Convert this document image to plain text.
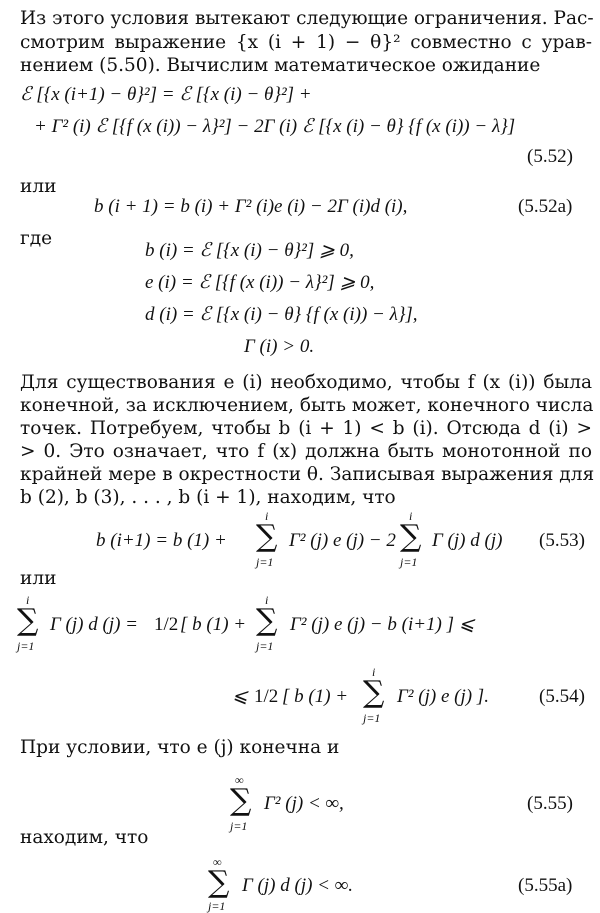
Из этого условия вытекают следующие ограничения. Рас-
смотрим выражение {x (i + 1) − θ}² совместно с урав-
нением (5.50). Вычислим математическое ожидание
ℰ [{x (i+1) − θ}²] = ℰ [{x (i) − θ}²] +
+ Γ² (i) ℰ [{f (x (i)) − λ}²] − 2Γ (i) ℰ [{x (i) − θ} {f (x (i)) − λ}]
(5.52)
или
b (i + 1) = b (i) + Γ² (i)e (i) − 2Γ (i)d (i),	(5.52a)
где
b (i) = ℰ [{x (i) − θ}²] ⩾ 0,
e (i) = ℰ [{f (x (i)) − λ}²] ⩾ 0,
d (i) = ℰ [{x (i) − θ} {f (x (i)) − λ}],
Γ (i) > 0.
Для существования e (i) необходимо, чтобы f (x (i)) была
конечной, за исключением, быть может, конечного числа
точек. Потребуем, чтобы b (i + 1) < b (i). Отсюда d (i) >
> 0. Это означает, что f (x) должна быть монотонной по
крайней мере в окрестности θ. Записывая выражения для
b (2), b (3), . . . , b (i + 1), находим, что
b (i+1) = b (1) +
i
∑
j=1
Γ² (j) e (j) − 2
i
∑
j=1
Γ (j) d (j) (5.53)
или
i
∑
j=1
Γ (j) d (j) = 1/2 [ b (1) +
i
∑
j=1
Γ² (j) e (j) − b (i+1) ] ⩽
⩽ 1/2 [ b (1) +
i
∑
j=1
Γ² (j) e (j) ].	(5.54)
При условии, что e (j) конечна и
∞
∑
j=1
Γ² (j) < ∞,	(5.55)
находим, что
∞
∑
j=1
Γ (j) d (j) < ∞.	(5.55a)
